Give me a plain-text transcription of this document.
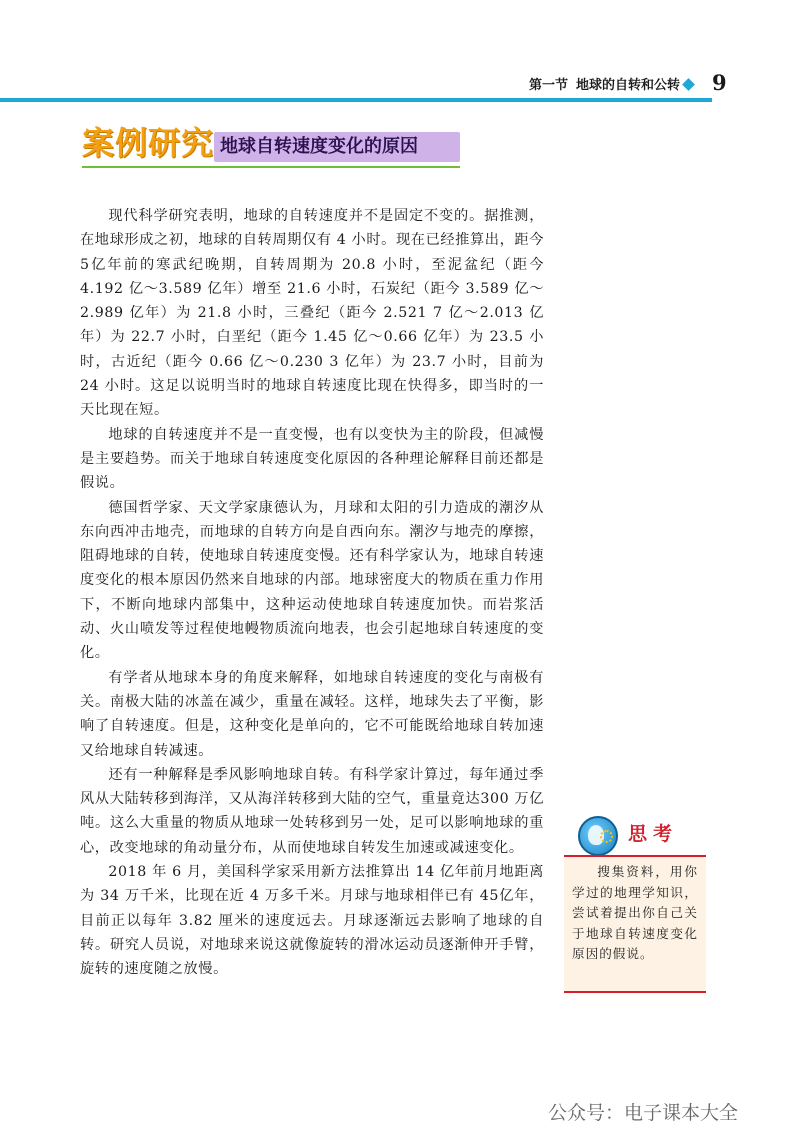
第一节 地球的自转和公转 9
案例研究 地球自转速度变化的原因

现代科学研究表明，地球的自转速度并不是固定不变的。据推测，在地球形成之初，地球的自转周期仅有 4 小时。现在已经推算出，距今5亿年前的寒武纪晚期，自转周期为 20.8 小时，至泥盆纪（距今 4.192 亿～3.589 亿年）增至 21.6 小时，石炭纪（距今 3.589 亿～2.989 亿年）为 21.8 小时，三叠纪（距今 2.521 7 亿～2.013 亿年）为 22.7 小时，白垩纪（距今 1.45 亿～0.66 亿年）为 23.5 小时，古近纪（距今 0.66 亿～0.230 3 亿年）为 23.7 小时，目前为 24 小时。这足以说明当时的地球自转速度比现在快得多，即当时的一天比现在短。

地球的自转速度并不是一直变慢，也有以变快为主的阶段，但减慢是主要趋势。而关于地球自转速度变化原因的各种理论解释目前还都是假说。

德国哲学家、天文学家康德认为，月球和太阳的引力造成的潮汐从东向西冲击地壳，而地球的自转方向是自西向东。潮汐与地壳的摩擦，阻碍地球的自转，使地球自转速度变慢。还有科学家认为，地球自转速度变化的根本原因仍然来自地球的内部。地球密度大的物质在重力作用下，不断向地球内部集中，这种运动使地球自转速度加快。而岩浆活动、火山喷发等过程使地幔物质流向地表，也会引起地球自转速度的变化。

有学者从地球本身的角度来解释，如地球自转速度的变化与南极有关。南极大陆的冰盖在减少，重量在减轻。这样，地球失去了平衡，影响了自转速度。但是，这种变化是单向的，它不可能既给地球自转加速又给地球自转减速。

还有一种解释是季风影响地球自转。有科学家计算过，每年通过季风从大陆转移到海洋，又从海洋转移到大陆的空气，重量竟达300 万亿吨。这么大重量的物质从地球一处转移到另一处，足可以影响地球的重心，改变地球的角动量分布，从而使地球自转发生加速或减速变化。

2018 年 6 月，美国科学家采用新方法推算出 14 亿年前月地距离为 34 万千米，比现在近 4 万多千米。月球与地球相伴已有 45亿年，目前正以每年 3.82 厘米的速度远去。月球逐渐远去影响了地球的自转。研究人员说，对地球来说这就像旋转的滑冰运动员逐渐伸开手臂，旋转的速度随之放慢。

思考

搜集资料，用你学过的地理学知识，尝试着提出你自己关于地球自转速度变化原因的假说。

公众号：电子课本大全
